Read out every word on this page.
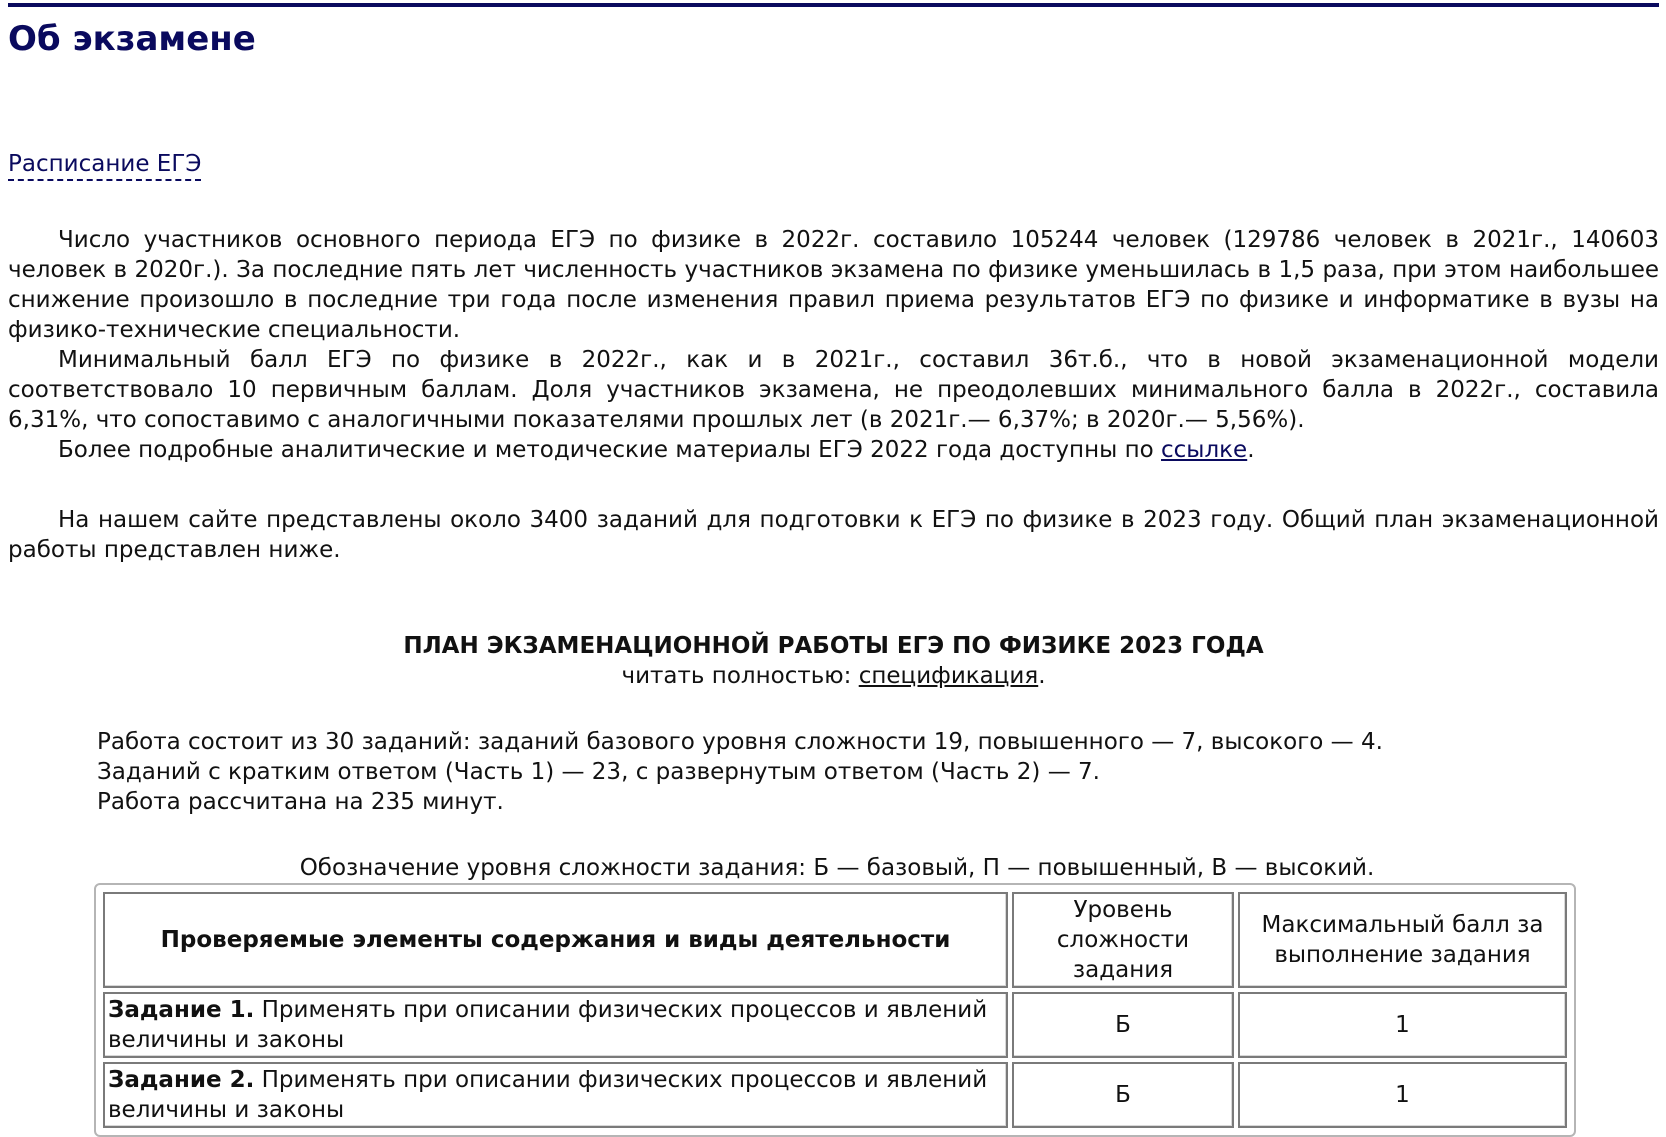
Об экзамене
Расписание ЕГЭ

Число участников основного периода ЕГЭ по физике в 2022г. составило 105244 человек (129786 человек в 2021г., 140603 человек в 2020г.). За последние пять лет численность участников экзамена по физике уменьшилась в 1,5 раза, при этом наибольшее снижение произошло в последние три года после изменения правил приема результатов ЕГЭ по физике и информатике в вузы на физико-технические специальности.

Минимальный балл ЕГЭ по физике в 2022г., как и в 2021г., составил 36т.б., что в новой экзаменационной модели соответствовало 10 первичным баллам. Доля участников экзамена, не преодолевших минимального балла в 2022г., составила 6,31%, что сопоставимо с аналогичными показателями прошлых лет (в 2021г.— 6,37%; в 2020г.— 5,56%).

Более подробные аналитические и методические материалы ЕГЭ 2022 года доступны по ссылке.

На нашем сайте представлены около 3400 заданий для подготовки к ЕГЭ по физике в 2023 году. Общий план экзаменационной работы представлен ниже.

ПЛАН ЭКЗАМЕНАЦИОННОЙ РАБОТЫ ЕГЭ ПО ФИЗИКЕ 2023 ГОДА
читать полностью: спецификация.
Работа состоит из 30 заданий: заданий базового уровня сложности 19, повышенного — 7, высокого — 4.
Заданий с кратким ответом (Часть 1) — 23, с развернутым ответом (Часть 2) — 7.
Работа рассчитана на 235 минут.
Обозначение уровня сложности задания: Б — базовый, П — повышенный, В — высокий.
Проверяемые элементы содержания и виды деятельности	Уровень сложности задания	Максимальный балл за выполнение задания
Задание 1. Применять при описании физических процессов и явлений величины и законы	Б	1
Задание 2. Применять при описании физических процессов и явлений величины и законы	Б	1
